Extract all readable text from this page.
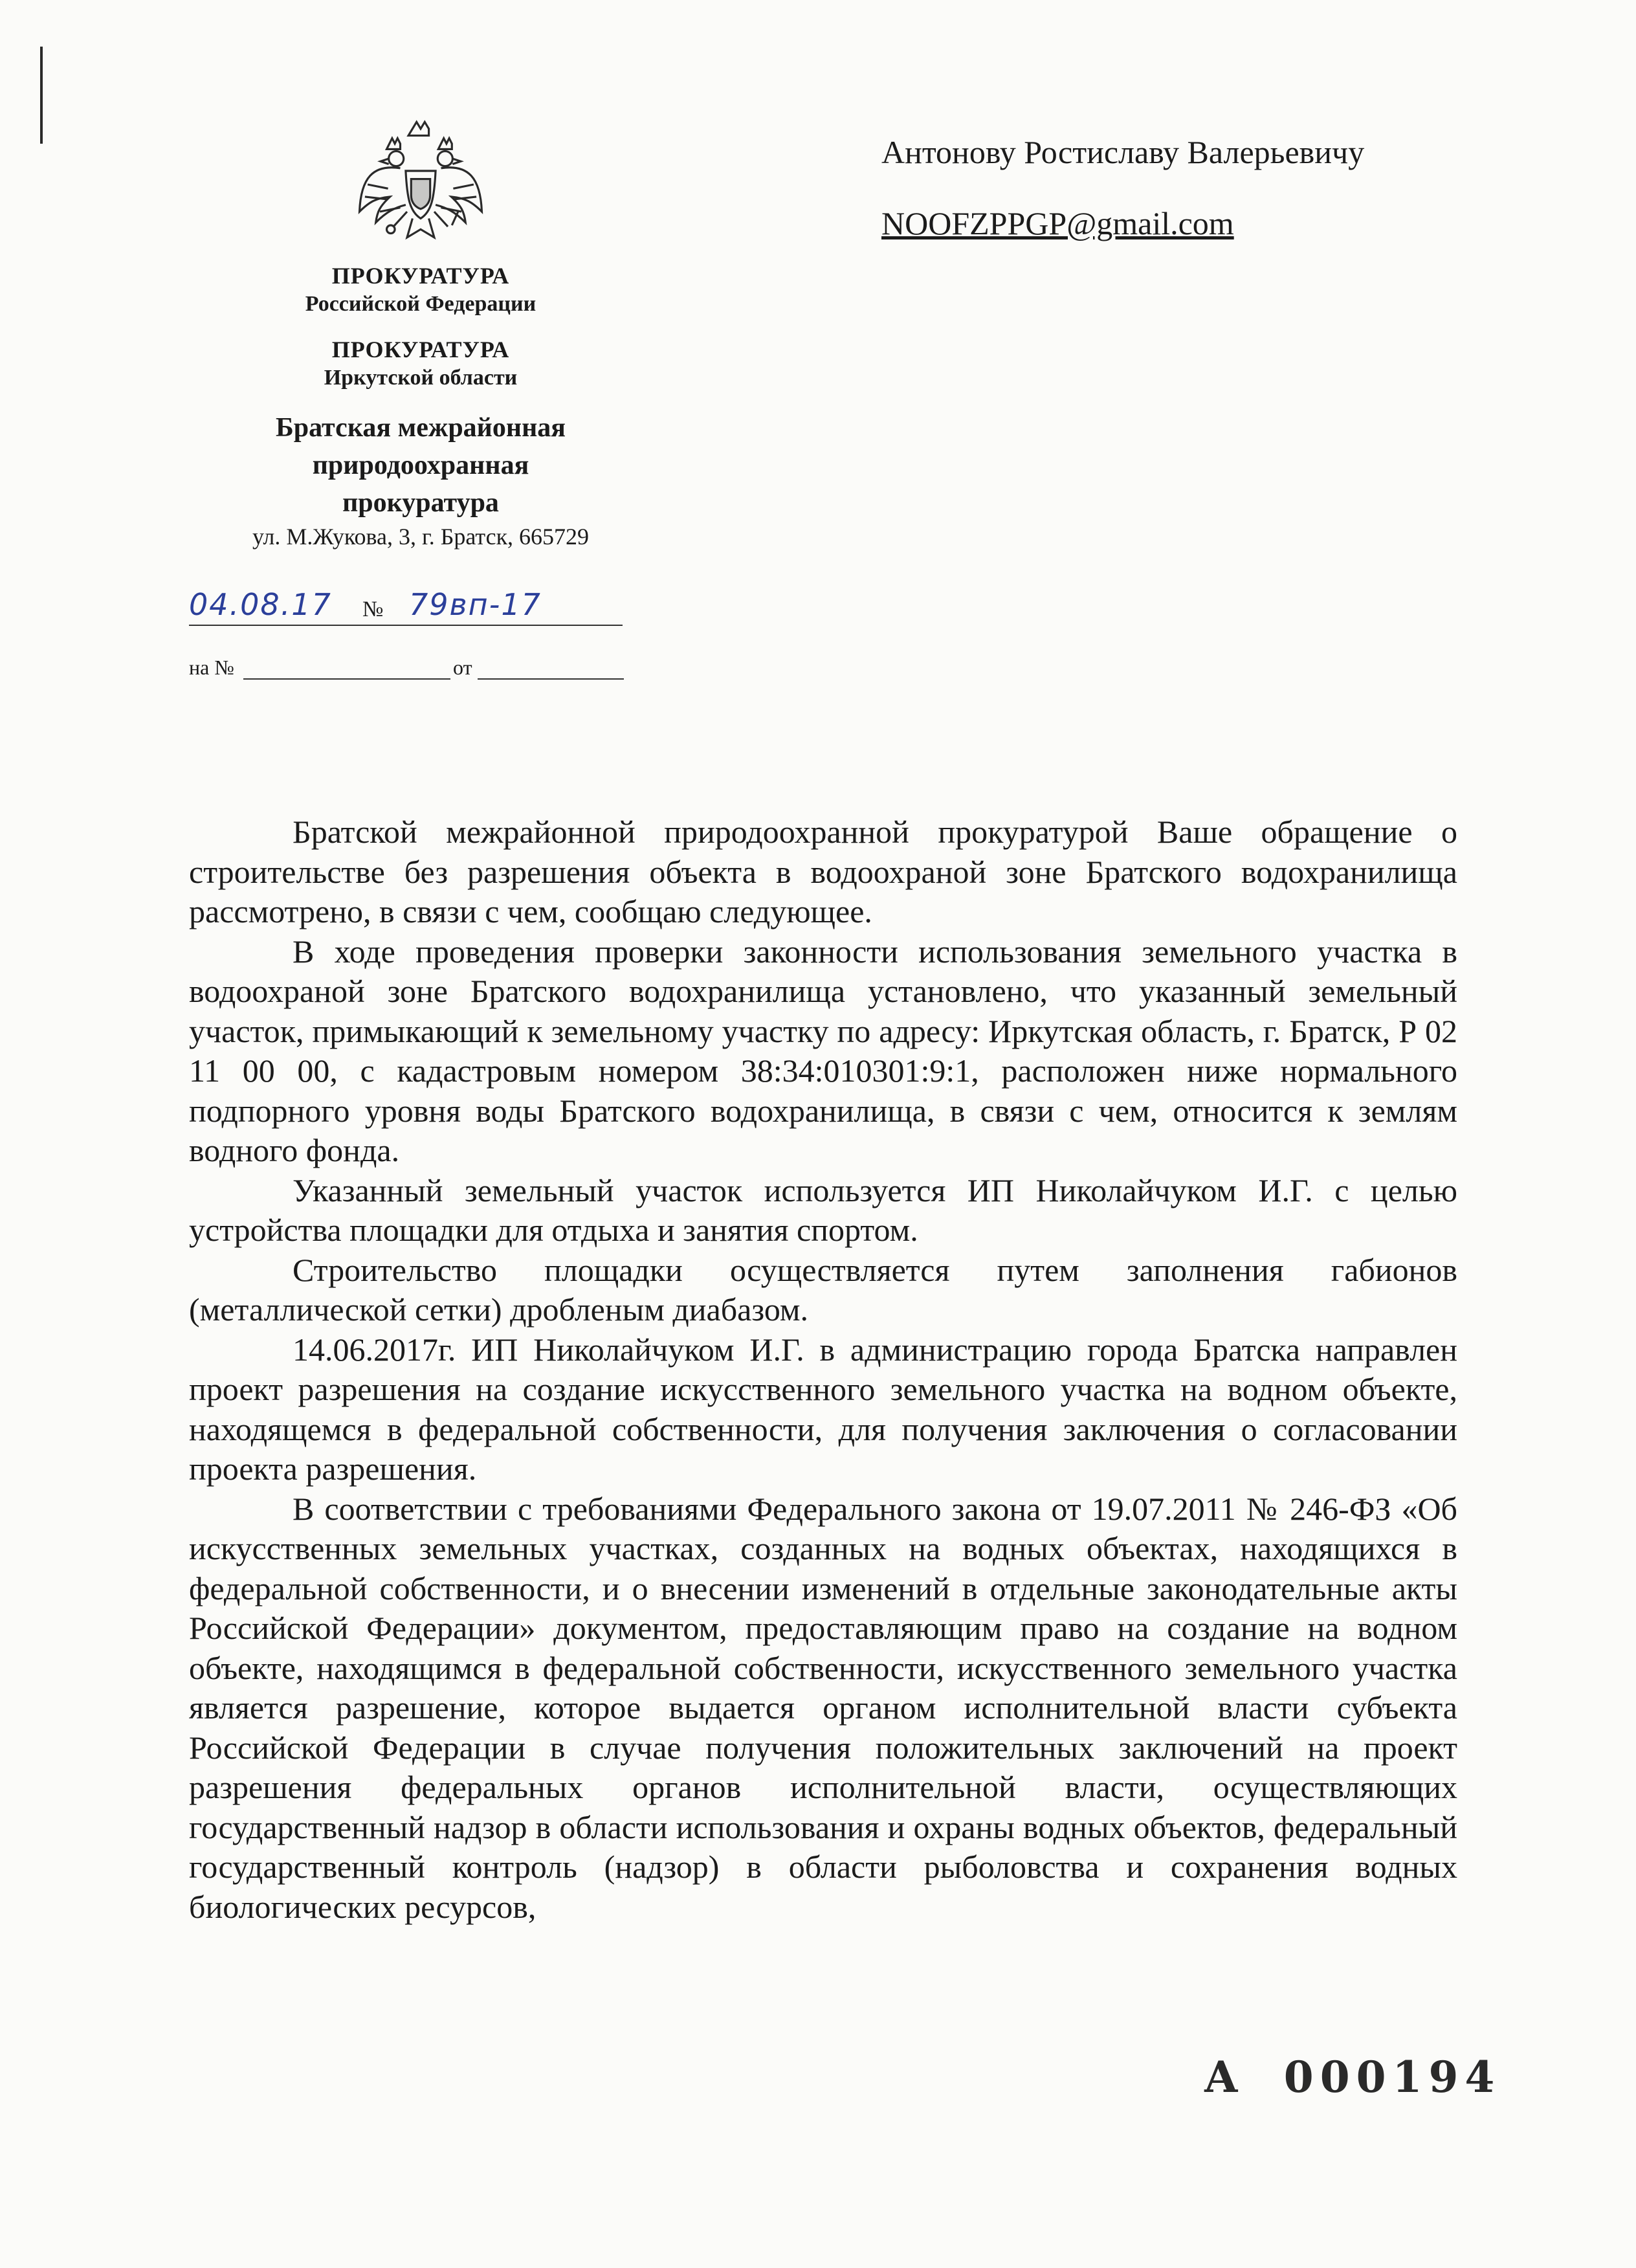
ПРОКУРАТУРА

Российской Федерации

ПРОКУРАТУРА

Иркутской области

Братская межрайонная

природоохранная

прокуратура

ул. М.Жукова, 3, г. Братск, 665729

04.08.17 № 79вп-17
на №	от

Антонову Ростиславу Валерьевичу

NOOFZPPGP@gmail.com

Братской межрайонной природоохранной прокуратурой Ваше обращение о строительстве без разрешения объекта в водоохраной зоне Братского водохранилища рассмотрено, в связи с чем, сообщаю следующее.

В ходе проведения проверки законности использования земельного участка в водоохраной зоне Братского водохранилища установлено, что указанный земельный участок, примыкающий к земельному участку по адресу: Иркутская область, г. Братск, Р 02 11 00 00, с кадастровым номером 38:34:010301:9:1, расположен ниже нормального подпорного уровня воды Братского водохранилища, в связи с чем, относится к землям водного фонда.

Указанный земельный участок используется ИП Николайчуком И.Г. с целью устройства площадки для отдыха и занятия спортом.

Строительство площадки осуществляется путем заполнения габионов (металлической сетки) дробленым диабазом.

14.06.2017г. ИП Николайчуком И.Г. в администрацию города Братска направлен проект разрешения на создание искусственного земельного участка на водном объекте, находящемся в федеральной собственности, для получения заключения о согласовании проекта разрешения.

В соответствии с требованиями Федерального закона от 19.07.2011 № 246-ФЗ «Об искусственных земельных участках, созданных на водных объектах, находящихся в федеральной собственности, и о внесении изменений в отдельные законодательные акты Российской Федерации» документом, предоставляющим право на создание на водном объекте, находящимся в федеральной собственности, искусственного земельного участка является разрешение, которое выдается органом исполнительной власти субъекта Российской Федерации в случае получения положительных заключений на проект разрешения федеральных органов исполнительной власти, осуществляющих государственный надзор в области использования и охраны водных объектов, федеральный государственный контроль (надзор) в области рыболовства и сохранения водных биологических ресурсов,

А 000194
